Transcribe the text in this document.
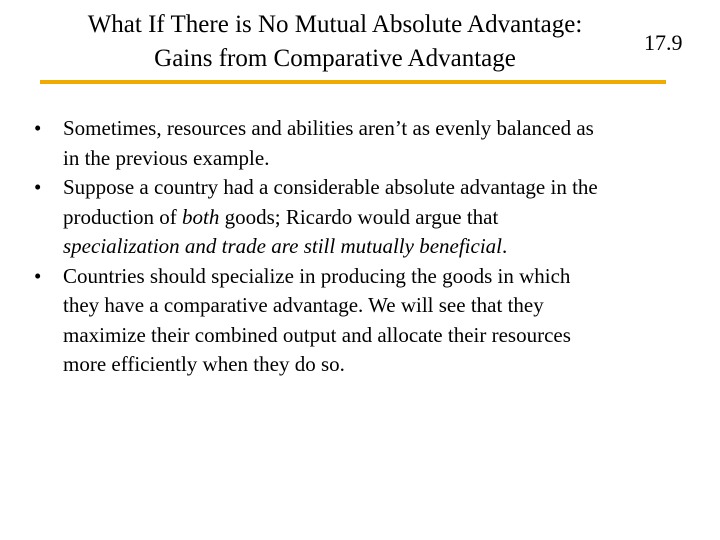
What If There is No Mutual Absolute Advantage:
Gains from Comparative Advantage
17.9
• Sometimes, resources and abilities aren’t as evenly balanced as
in the previous example.
• Suppose a country had a considerable absolute advantage in the
production of both goods; Ricardo would argue that
specialization and trade are still mutually beneficial.
• Countries should specialize in producing the goods in which
they have a comparative advantage. We will see that they
maximize their combined output and allocate their resources
more efficiently when they do so.
